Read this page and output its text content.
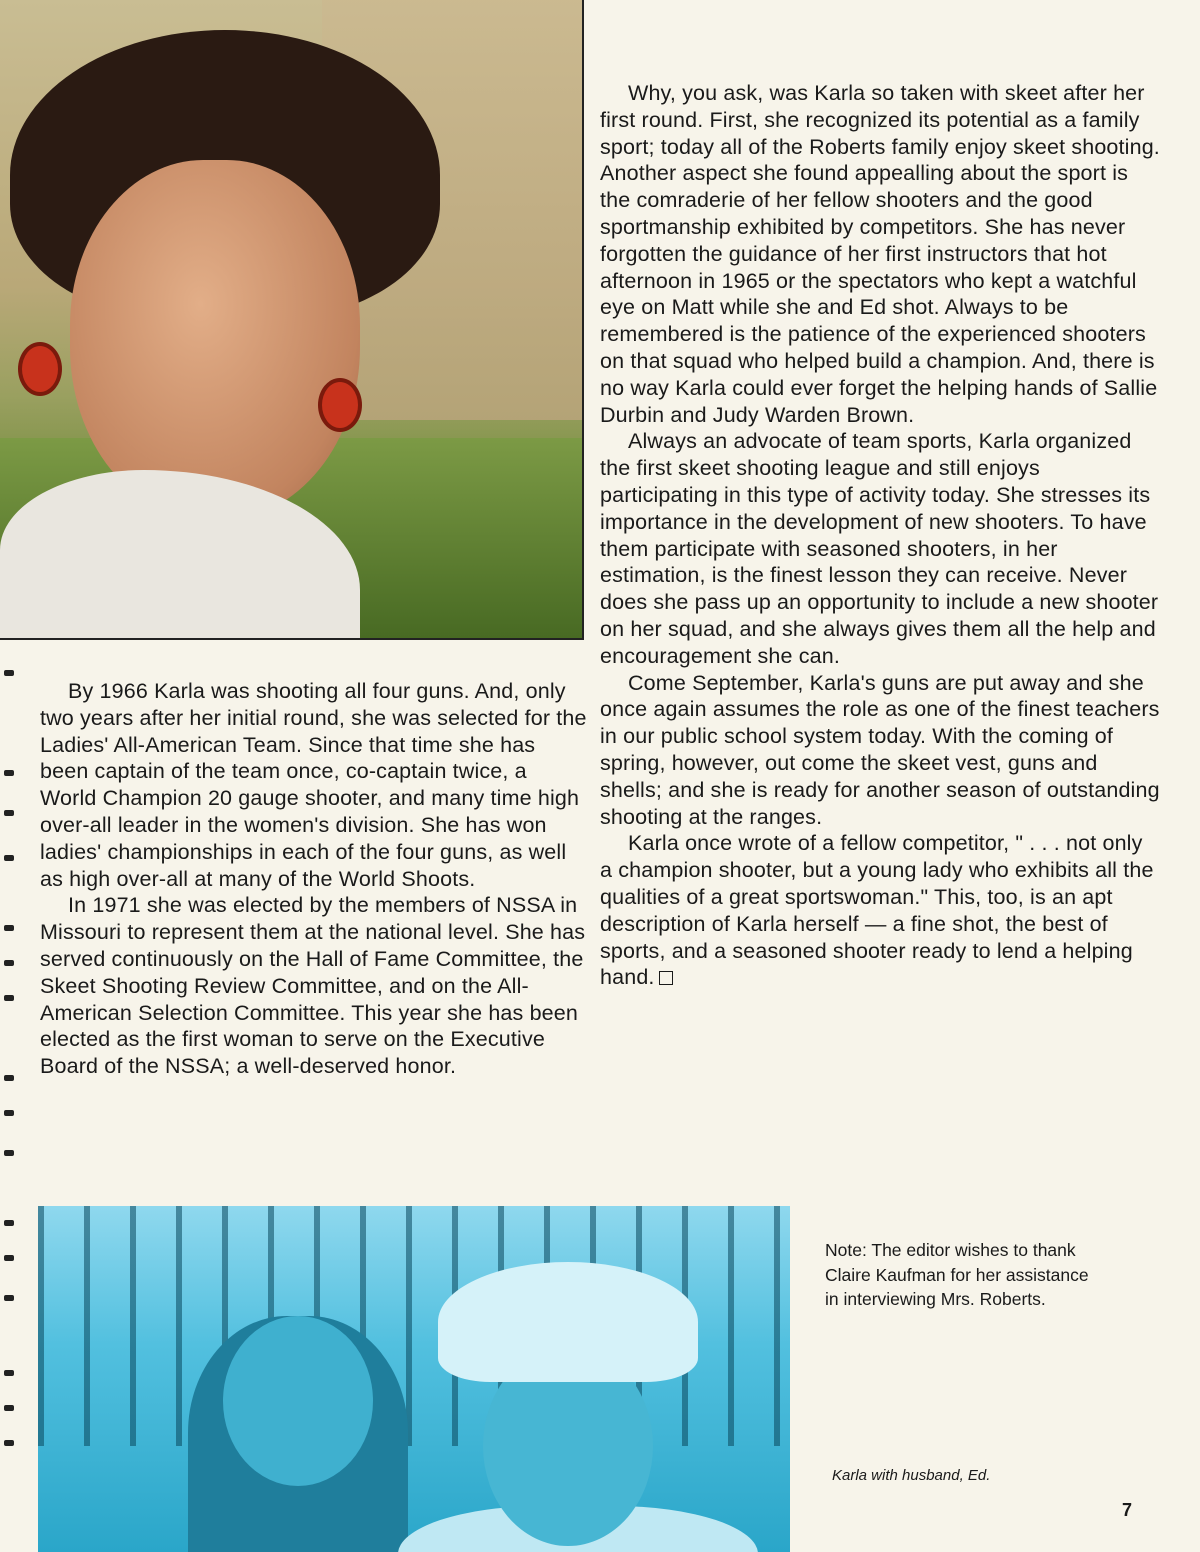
Why, you ask, was Karla so taken with skeet after her first round. First, she recognized its potential as a family sport; today all of the Roberts family enjoy skeet shooting. Another aspect she found appealling about the sport is the comraderie of her fellow shooters and the good sportmanship exhibited by competitors. She has never forgotten the guidance of her first instructors that hot afternoon in 1965 or the spectators who kept a watchful eye on Matt while she and Ed shot. Always to be remembered is the patience of the experienced shooters on that squad who helped build a champion. And, there is no way Karla could ever forget the helping hands of Sallie Durbin and Judy Warden Brown.

Always an advocate of team sports, Karla organized the first skeet shooting league and still enjoys participating in this type of activity today. She stresses its importance in the development of new shooters. To have them participate with seasoned shooters, in her estimation, is the finest lesson they can receive. Never does she pass up an opportunity to include a new shooter on her squad, and she always gives them all the help and encouragement she can.

Come September, Karla's guns are put away and she once again assumes the role as one of the finest teachers in our public school system today. With the coming of spring, however, out come the skeet vest, guns and shells; and she is ready for another season of outstanding shooting at the ranges.

Karla once wrote of a fellow competitor, " . . . not only a champion shooter, but a young lady who exhibits all the qualities of a great sportswoman." This, too, is an apt description of Karla herself — a fine shot, the best of sports, and a seasoned shooter ready to lend a helping hand.

By 1966 Karla was shooting all four guns. And, only two years after her initial round, she was selected for the Ladies' All-American Team. Since that time she has been captain of the team once, co-captain twice, a World Champion 20 gauge shooter, and many time high over-all leader in the women's division. She has won ladies' championships in each of the four guns, as well as high over-all at many of the World Shoots.

In 1971 she was elected by the members of NSSA in Missouri to represent them at the national level. She has served continuously on the Hall of Fame Committee, the Skeet Shooting Review Committee, and on the All-American Selection Committee. This year she has been elected as the first woman to serve on the Executive Board of the NSSA; a well-deserved honor.

Note: The editor wishes to thank Claire Kaufman for her assistance in interviewing Mrs. Roberts.
Karla with husband, Ed.
7
